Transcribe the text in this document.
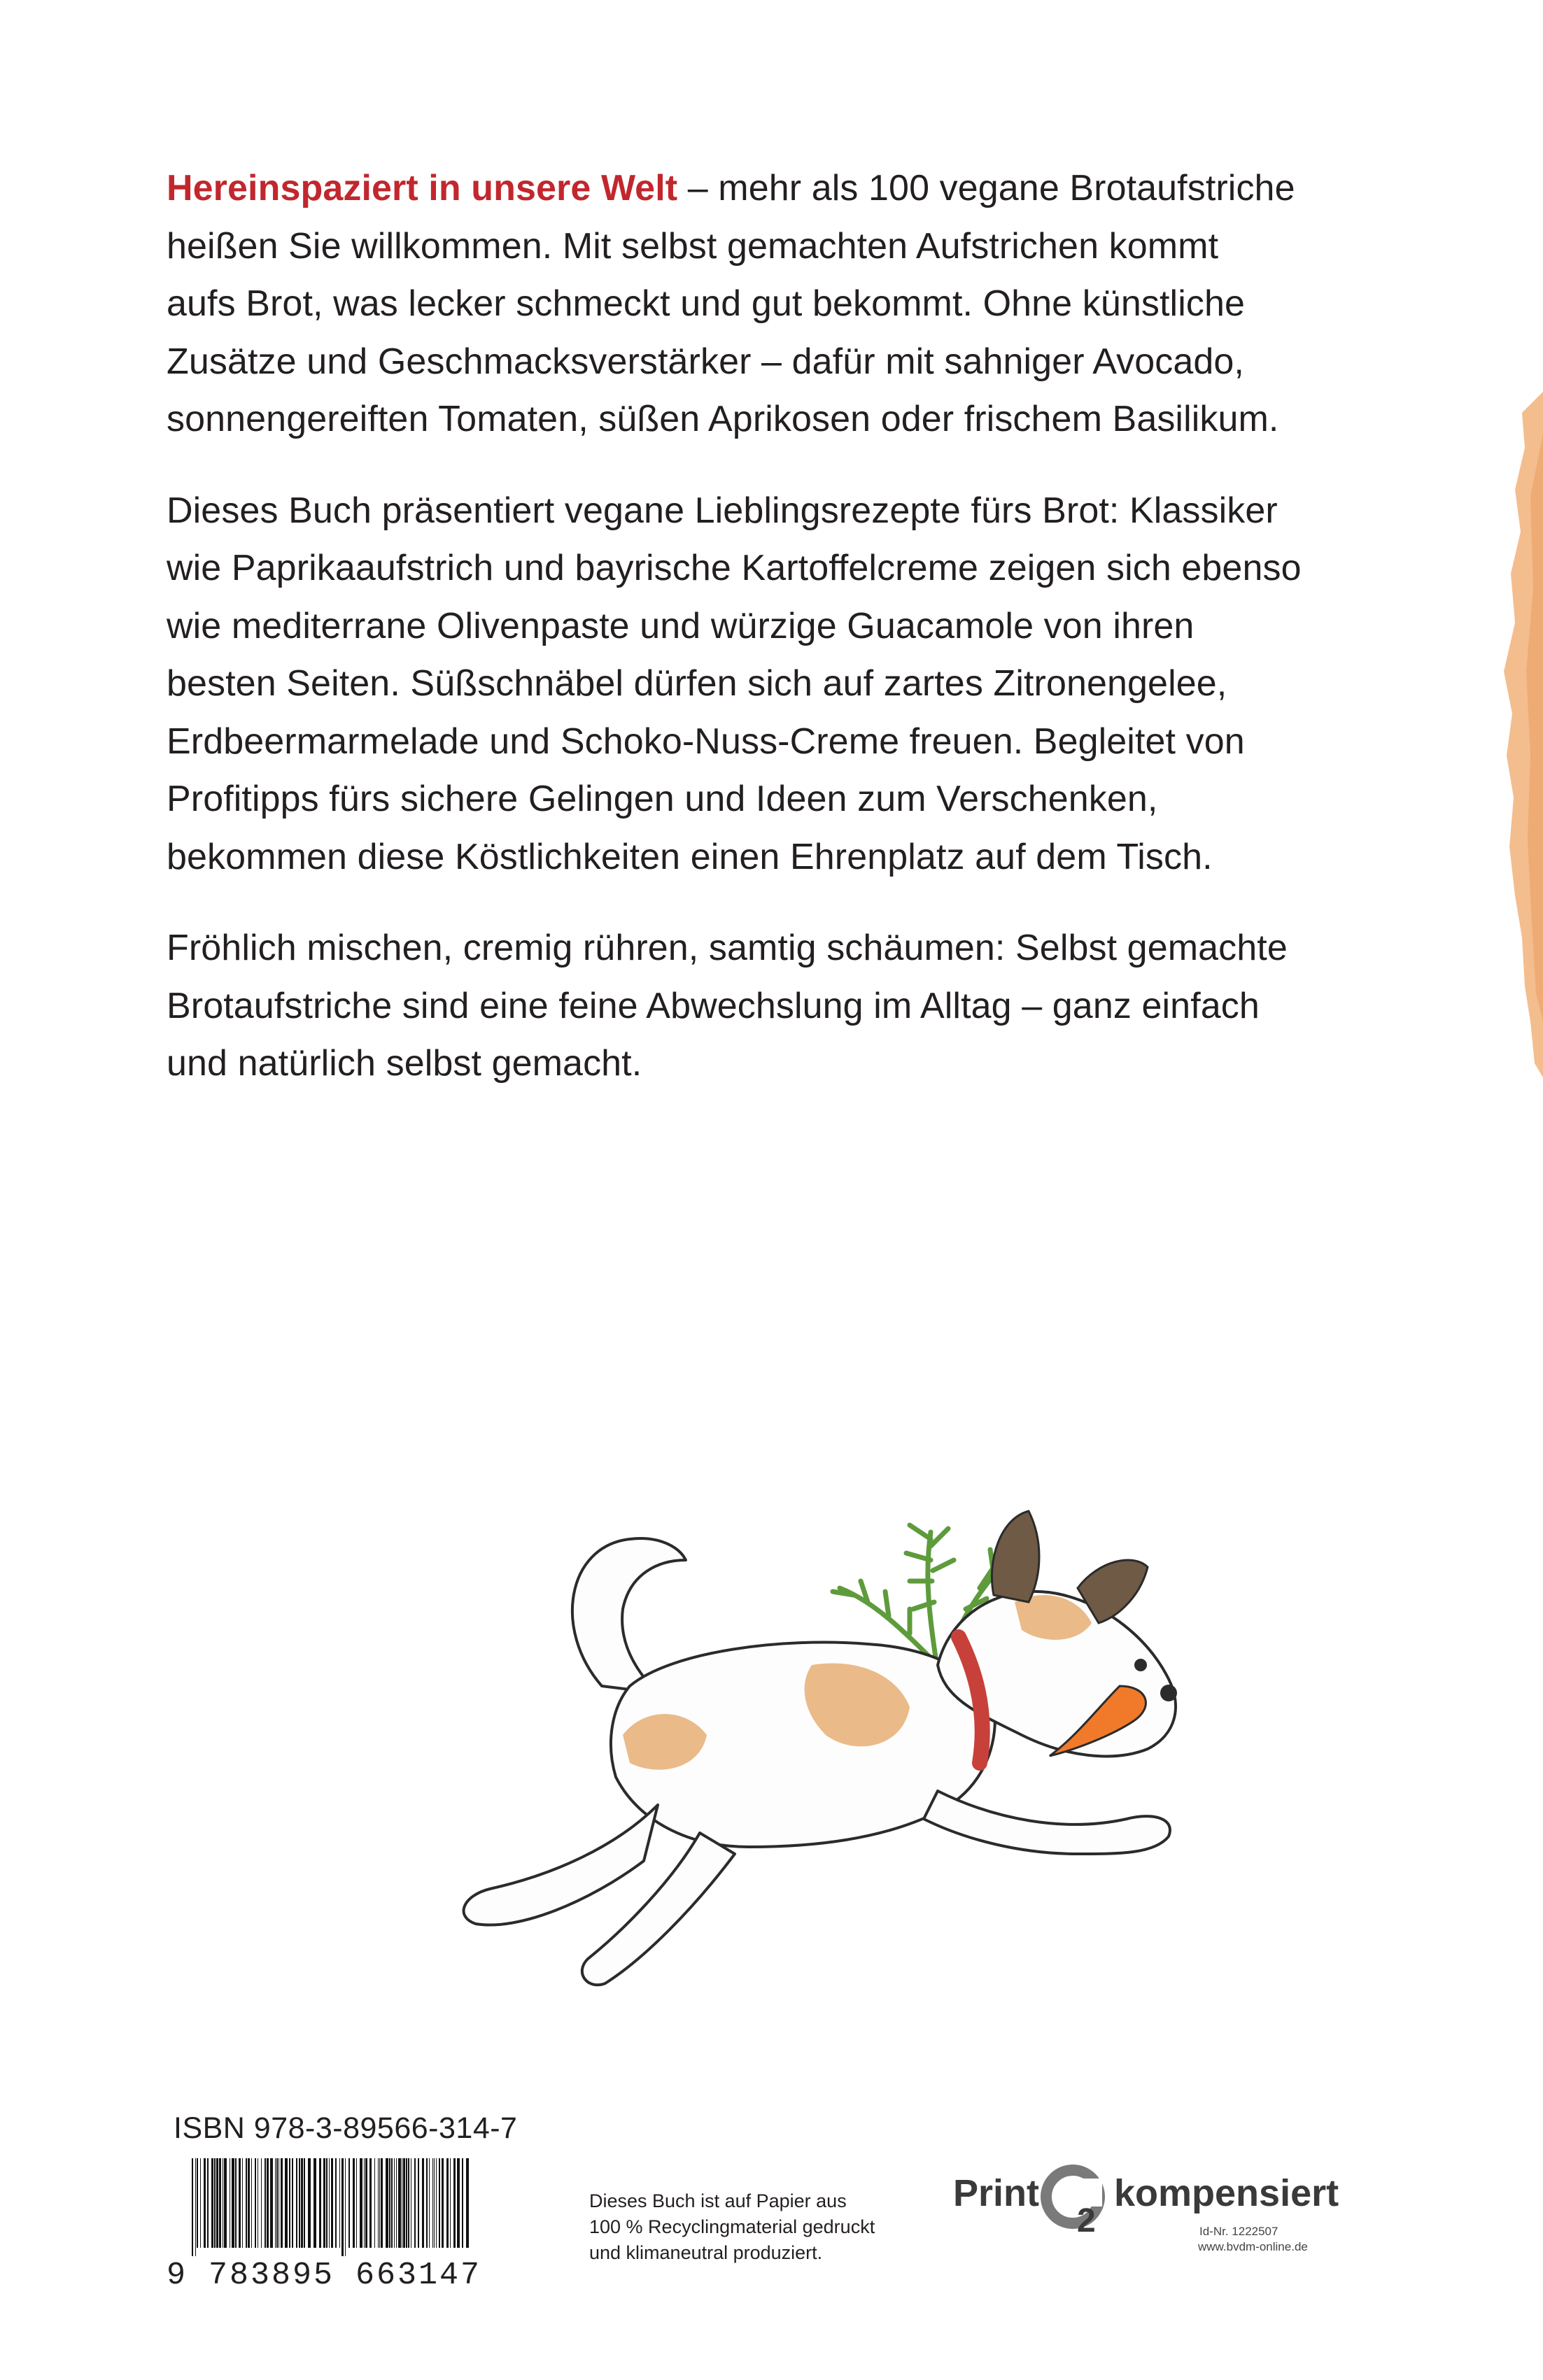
Hereinspaziert in unsere Welt – mehr als 100 vegane Brotaufstriche
heißen Sie willkommen. Mit selbst gemachten Aufstrichen kommt
aufs Brot, was lecker schmeckt und gut bekommt. Ohne künstliche
Zusätze und Geschmacksverstärker – dafür mit sahniger Avocado,
sonnengereiften Tomaten, süßen Aprikosen oder frischem Basilikum.

Dieses Buch präsentiert vegane Lieblingsrezepte fürs Brot: Klassiker
wie Paprikaaufstrich und bayrische Kartoffelcreme zeigen sich ebenso
wie mediterrane Olivenpaste und würzige Guacamole von ihren
besten Seiten. Süßschnäbel dürfen sich auf zartes Zitronengelee,
Erdbeermarmelade und Schoko-Nuss-Creme freuen. Begleitet von
Profitipps fürs sichere Gelingen und Ideen zum Verschenken,
bekommen diese Köstlichkeiten einen Ehrenplatz auf dem Tisch.

Fröhlich mischen, cremig rühren, samtig schäumen: Selbst gemachte
Brotaufstriche sind eine feine Abwechslung im Alltag – ganz einfach
und natürlich selbst gemacht.

ISBN 978-3-89566-314-7
9 783895 663147
Dieses Buch ist auf Papier aus
100 % Recyclingmaterial gedruckt
und klimaneutral produziert.
Print
2
kompensiert
Id-Nr. 1222507
www.bvdm-online.de
